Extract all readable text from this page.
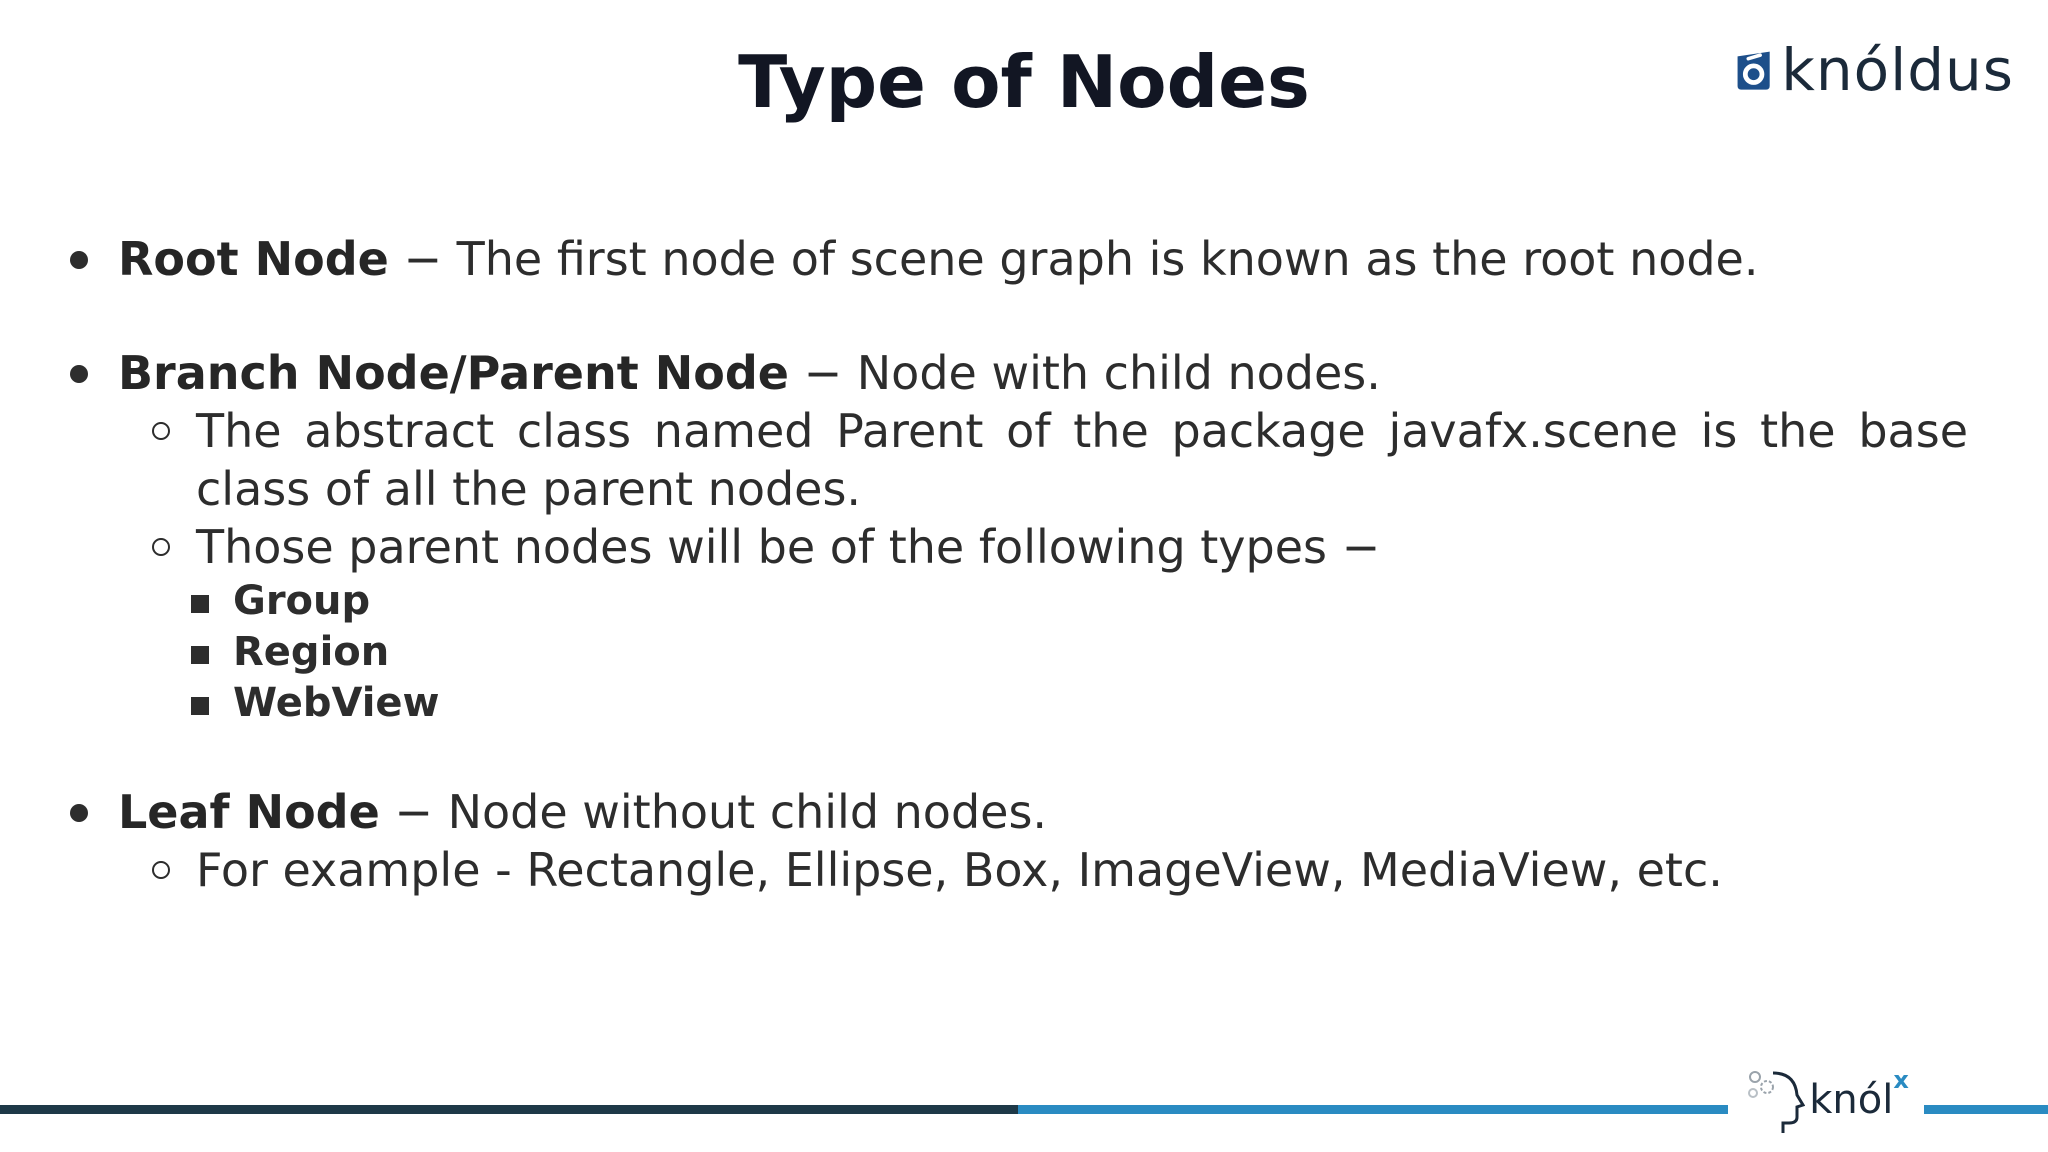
Type of Nodes	knóldus
Root Node − The first node of scene graph is known as the root node.
Branch Node/Parent Node − Node with child nodes.
The abstract class named Parent of the package javafx.scene is the base class of all the parent nodes.
Those parent nodes will be of the following types −
Group
Region
WebView
Leaf Node − Node without child nodes.
For example - Rectangle, Ellipse, Box, ImageView, MediaView, etc.
knól x
